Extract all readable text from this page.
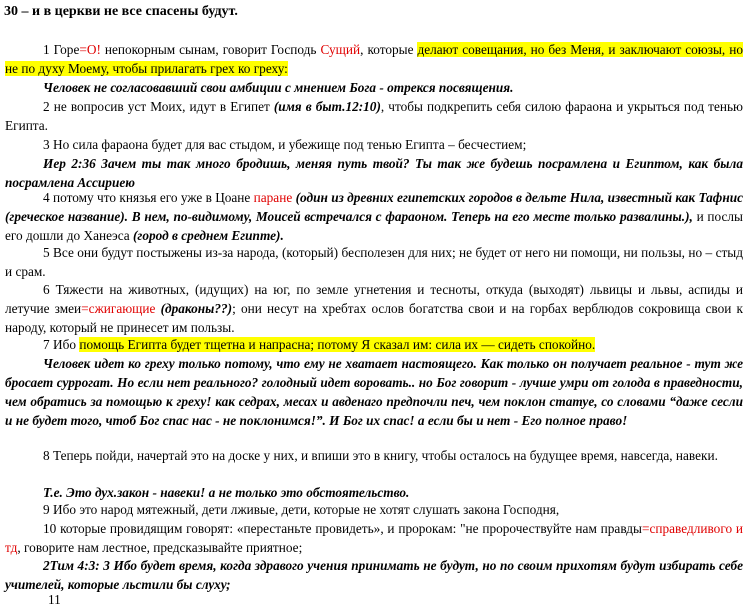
30 – и в церкви не все спасены будут.
1 Горе=О! непокорным сынам, говорит Господь Сущий, которые делают совещания, но без Меня, и заключают союзы, но не по духу Моему, чтобы прилагать грех ко греху:
Человек не согласовавший свои амбиции с мнением Бога - отрекся посвящения.
2 не вопросив уст Моих, идут в Египет (имя в быт.12:10), чтобы подкрепить себя силою фараона и укрыться под тенью Египта.
3 Но сила фараона будет для вас стыдом, и убежище под тенью Египта – бесчестием;
Иер 2:36 Зачем ты так много бродишь, меняя путь твой? Ты так же будешь посрамлена и Египтом, как была посрамлена Ассириею
4 потому что князья его уже в Цоане паране (один из древних египетских городов в дельте Нила, известный как Тафнис (греческое название). В нем, по-видимому, Моисей встречался с фараоном. Теперь на его месте только развалины.), и послы его дошли до Ханеэса (город в среднем Египте).
5 Все они будут постыжены из-за народа, (который) бесполезен для них; не будет от него ни помощи, ни пользы, но – стыд и срам.
6 Тяжести на животных, (идущих) на юг, по земле угнетения и тесноты, откуда (выходят) львицы и львы, аспиды и летучие змеи=сжигающие (драконы??); они несут на хребтах ослов богатства свои и на горбах верблюдов сокровища свои к народу, который не принесет им пользы.
7 Ибо помощь Египта будет тщетна и напрасна; потому Я сказал им: сила их — сидеть спокойно.
Человек идет ко греху только потому, что ему не хватает настоящего. Как только он получает реальное - тут же бросает суррогат. Но если нет реального? голодный идет воровать.. но Бог говорит - лучше умри от голода в праведности, чем обратись за помощью к греху! как седрах, месах и авденаго предпочли печ, чем поклон статуе, со словами “даже сесли и не будет того, чтоб Бог спас нас - не поклонимся!”. И Бог их спас! а если бы и нет - Его полное право!
8 Теперь пойди, начертай это на доске у них, и впиши это в книгу, чтобы осталось на будущее время, навсегда, навеки.
Т.е. Это дух.закон - навеки! а не только это обстоятельство.
9 Ибо это народ мятежный, дети лживые, дети, которые не хотят слушать закона Господня,
10 которые провидящим говорят: «перестаньте провидеть», и пророкам: "не пророчествуйте нам правды=справедливого и тд, говорите нам лестное, предсказывайте приятное;
2Тим 4:3: 3 Ибо будет время, когда здравого учения принимать не будут, но по своим прихотям будут избирать себе учителей, которые льстили бы слуху;
11
